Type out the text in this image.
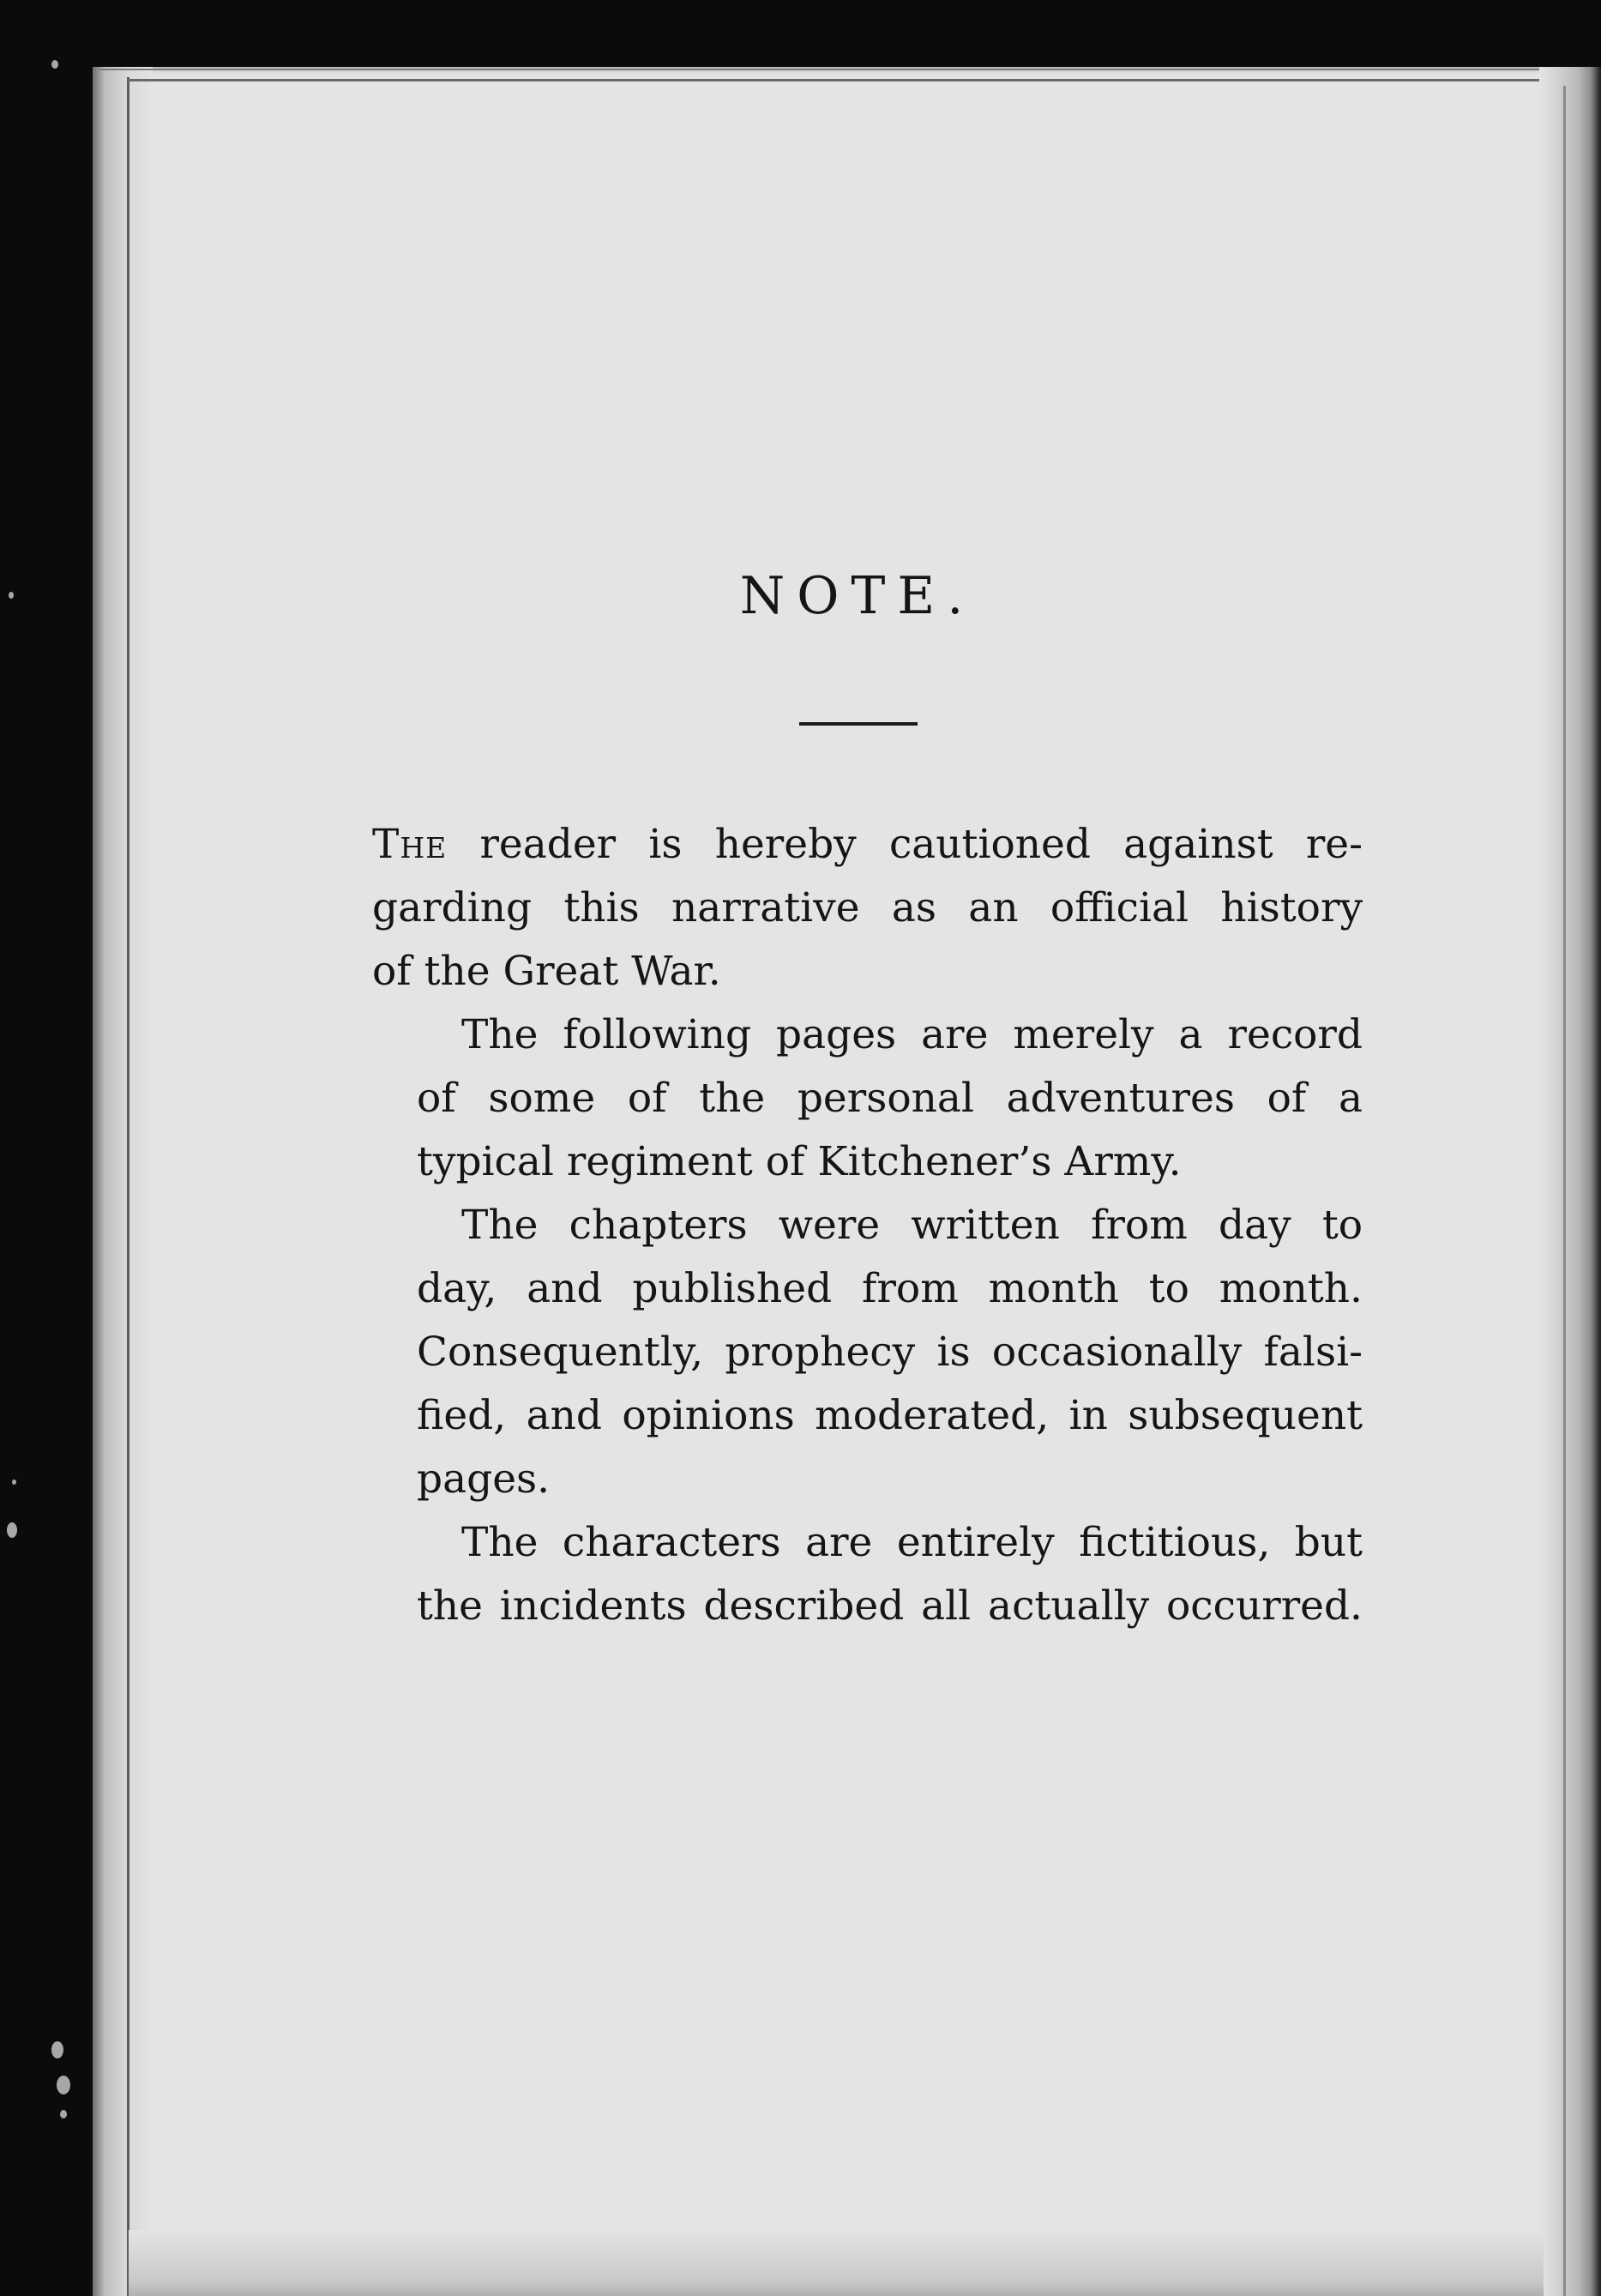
NOTE.
The reader is hereby cautioned against re-
garding this narrative as an official history
of the Great War.
The following pages are merely a record
of some of the personal adventures of a
typical regiment of Kitchener’s Army.
The chapters were written from day to
day, and published from month to month.
Consequently, prophecy is occasionally falsi-
fied, and opinions moderated, in subsequent
pages.
The characters are entirely fictitious, but
the incidents described all actually occurred.
